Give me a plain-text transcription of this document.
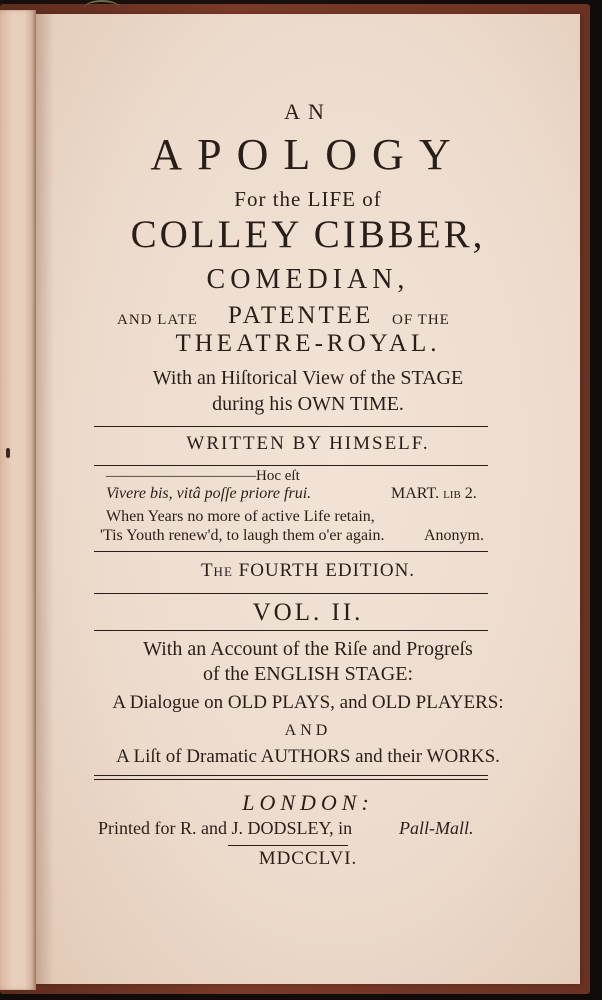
AN
APOLOGY
For the LIFE of
COLLEY CIBBER,
COMEDIAN,
AND LATE PATENTEE OF THE
THEATRE-ROYAL.
With an Hiſtorical View of the STAGE
during his OWN TIME.
WRITTEN BY HIMSELF.
——————————Hoc eſt
Vivere bis, vitâ poſſe priore frui.	MART. lib 2.
When Years no more of active Life retain,
'Tis Youth renew'd, to laugh them o'er again. Anonym.
The FOURTH EDITION.
VOL. II.
With an Account of the Riſe and Progreſs
of the ENGLISH STAGE:
A Dialogue on OLD PLAYS, and OLD PLAYERS:
AND
A Liſt of Dramatic AUTHORS and their WORKS.
LONDON:
Printed for R. and J. DODSLEY, in	Pall-Mall.
MDCCLVI.
